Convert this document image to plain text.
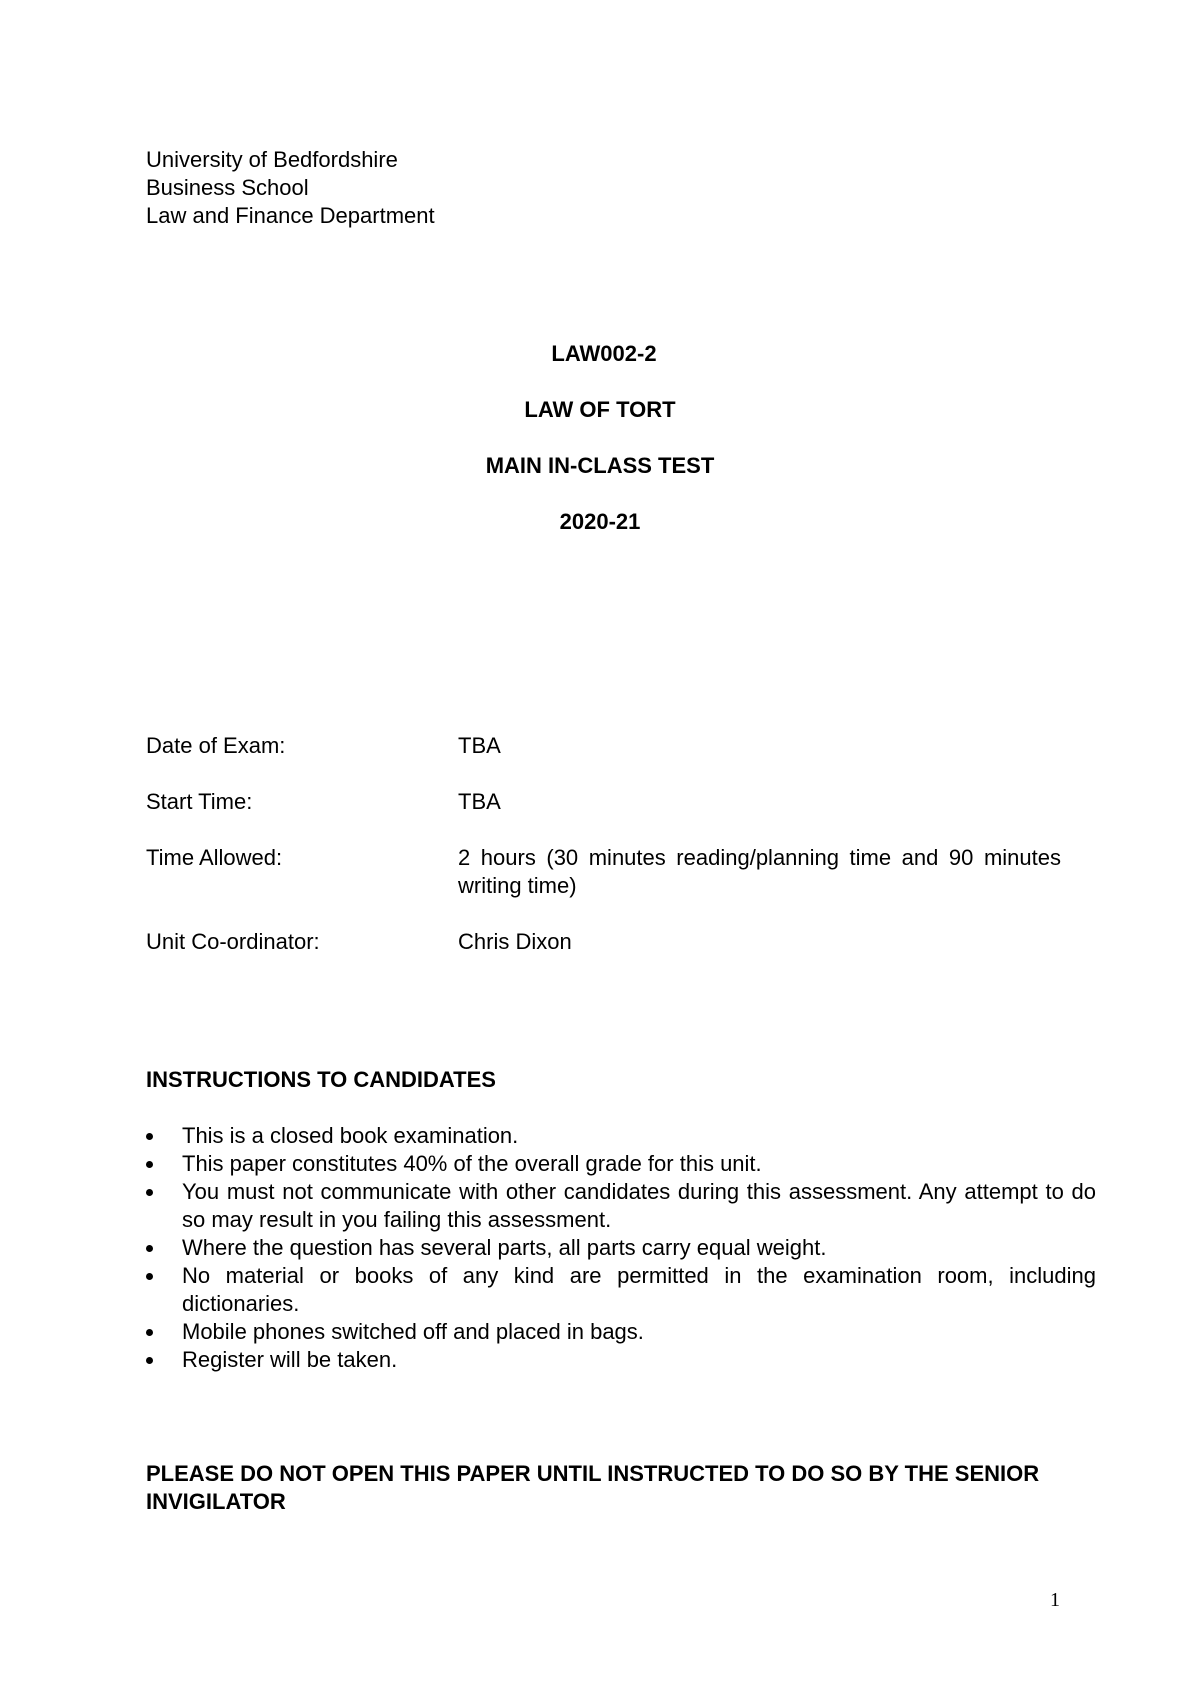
University of Bedfordshire
Business School
Law and Finance Department
LAW002-2
LAW OF TORT
MAIN IN-CLASS TEST
2020-21
Date of Exam:	TBA
Start Time:	TBA
Time Allowed:	2 hours (30 minutes reading/planning time and 90 minutes writing time)
Unit Co-ordinator:	Chris Dixon
INSTRUCTIONS TO CANDIDATES
This is a closed book examination.
This paper constitutes 40% of the overall grade for this unit.
You must not communicate with other candidates during this assessment. Any attempt to do so may result in you failing this assessment.
Where the question has several parts, all parts carry equal weight.
No material or books of any kind are permitted in the examination room, including dictionaries.
Mobile phones switched off and placed in bags.
Register will be taken.
PLEASE DO NOT OPEN THIS PAPER UNTIL INSTRUCTED TO DO SO BY THE SENIOR INVIGILATOR
1
